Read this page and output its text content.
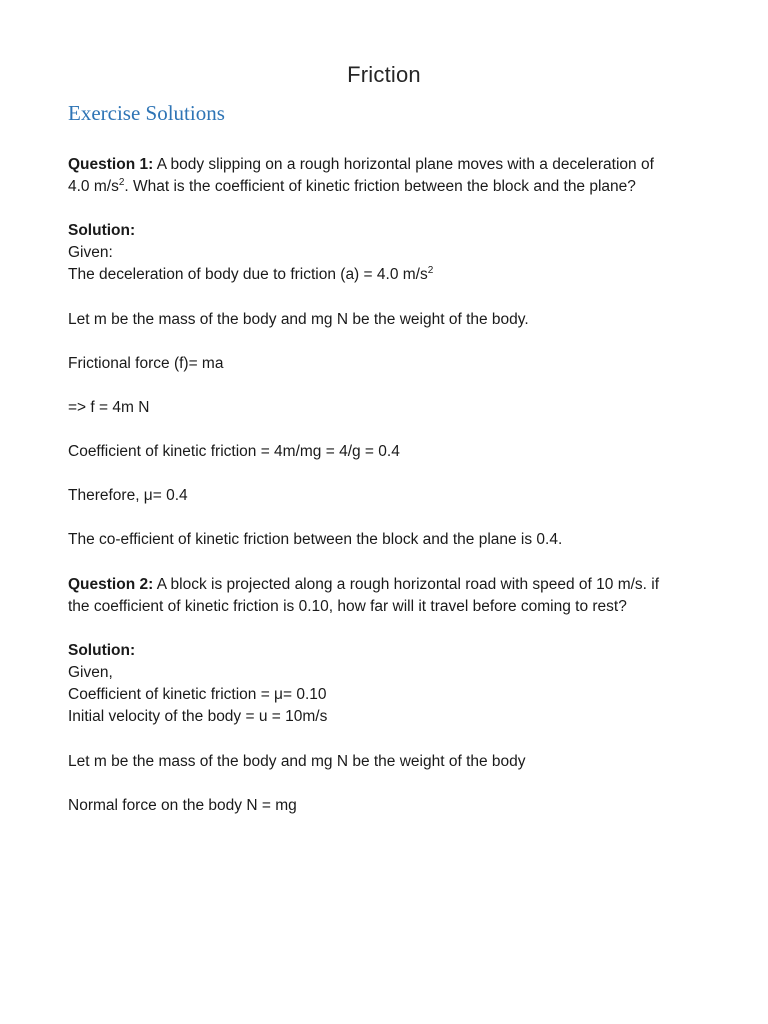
Friction
Exercise Solutions
Question 1: A body slipping on a rough horizontal plane moves with a deceleration of
4.0 $m/s^2$. What is the coefficient of kinetic friction between the block and the plane?
Solution:
Given:
The deceleration of body due to friction (a) = 4.0 $m/s^2$
Let m be the mass of the body and mg N be the weight of the body.
Frictional force (f)= ma
=> f = 4m N
Coefficient of kinetic friction = 4m/mg = 4/g = 0.4
Therefore, μ= 0.4
The co-efficient of kinetic friction between the block and the plane is 0.4.
Question 2: A block is projected along a rough horizontal road with speed of 10 m/s. if
the coefficient of kinetic friction is 0.10, how far will it travel before coming to rest?
Solution:
Given,
Coefficient of kinetic friction = μ= 0.10
Initial velocity of the body = u = 10m/s
Let m be the mass of the body and mg N be the weight of the body
Normal force on the body N = mg
